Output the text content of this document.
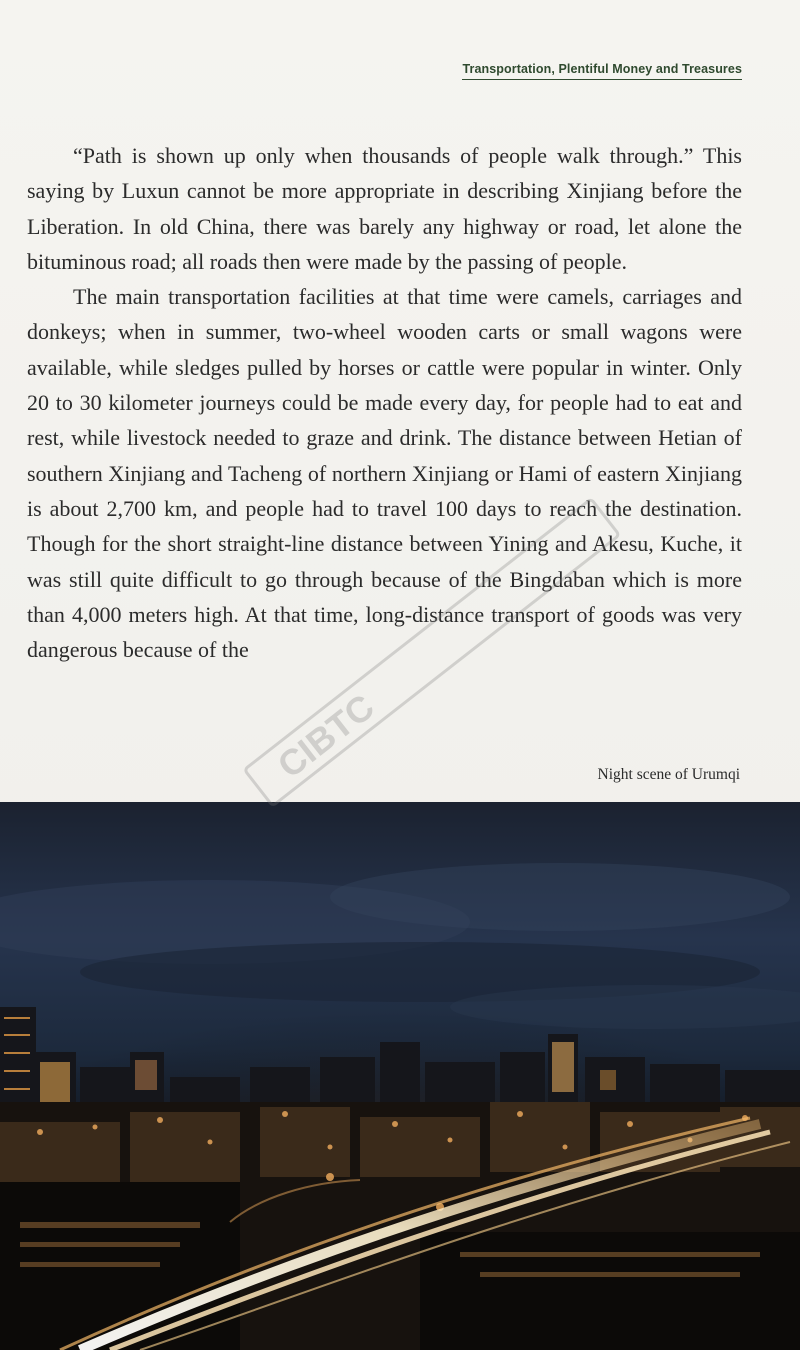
Transportation, Plentiful Money and Treasures

“Path is shown up only when thousands of people walk through.” This saying by Luxun cannot be more appropriate in describing Xinjiang before the Liberation. In old China, there was barely any highway or road, let alone the bituminous road; all roads then were made by the passing of people.

The main transportation facilities at that time were camels, carriages and donkeys; when in summer, two-wheel wooden carts or small wagons were available, while sledges pulled by horses or cattle were popular in winter. Only 20 to 30 kilometer journeys could be made every day, for people had to eat and rest, while livestock needed to graze and drink. The distance between Hetian of southern Xinjiang and Tacheng of northern Xinjiang or Hami of eastern Xinjiang is about 2,700 km, and people had to travel 100 days to reach the destination. Though for the short straight-line distance between Yining and Akesu, Kuche, it was still quite difficult to go through because of the Bingdaban which is more than 4,000 meters high. At that time, long-distance transport of goods was very dangerous because of the

Night scene of Urumqi
CIBTC
